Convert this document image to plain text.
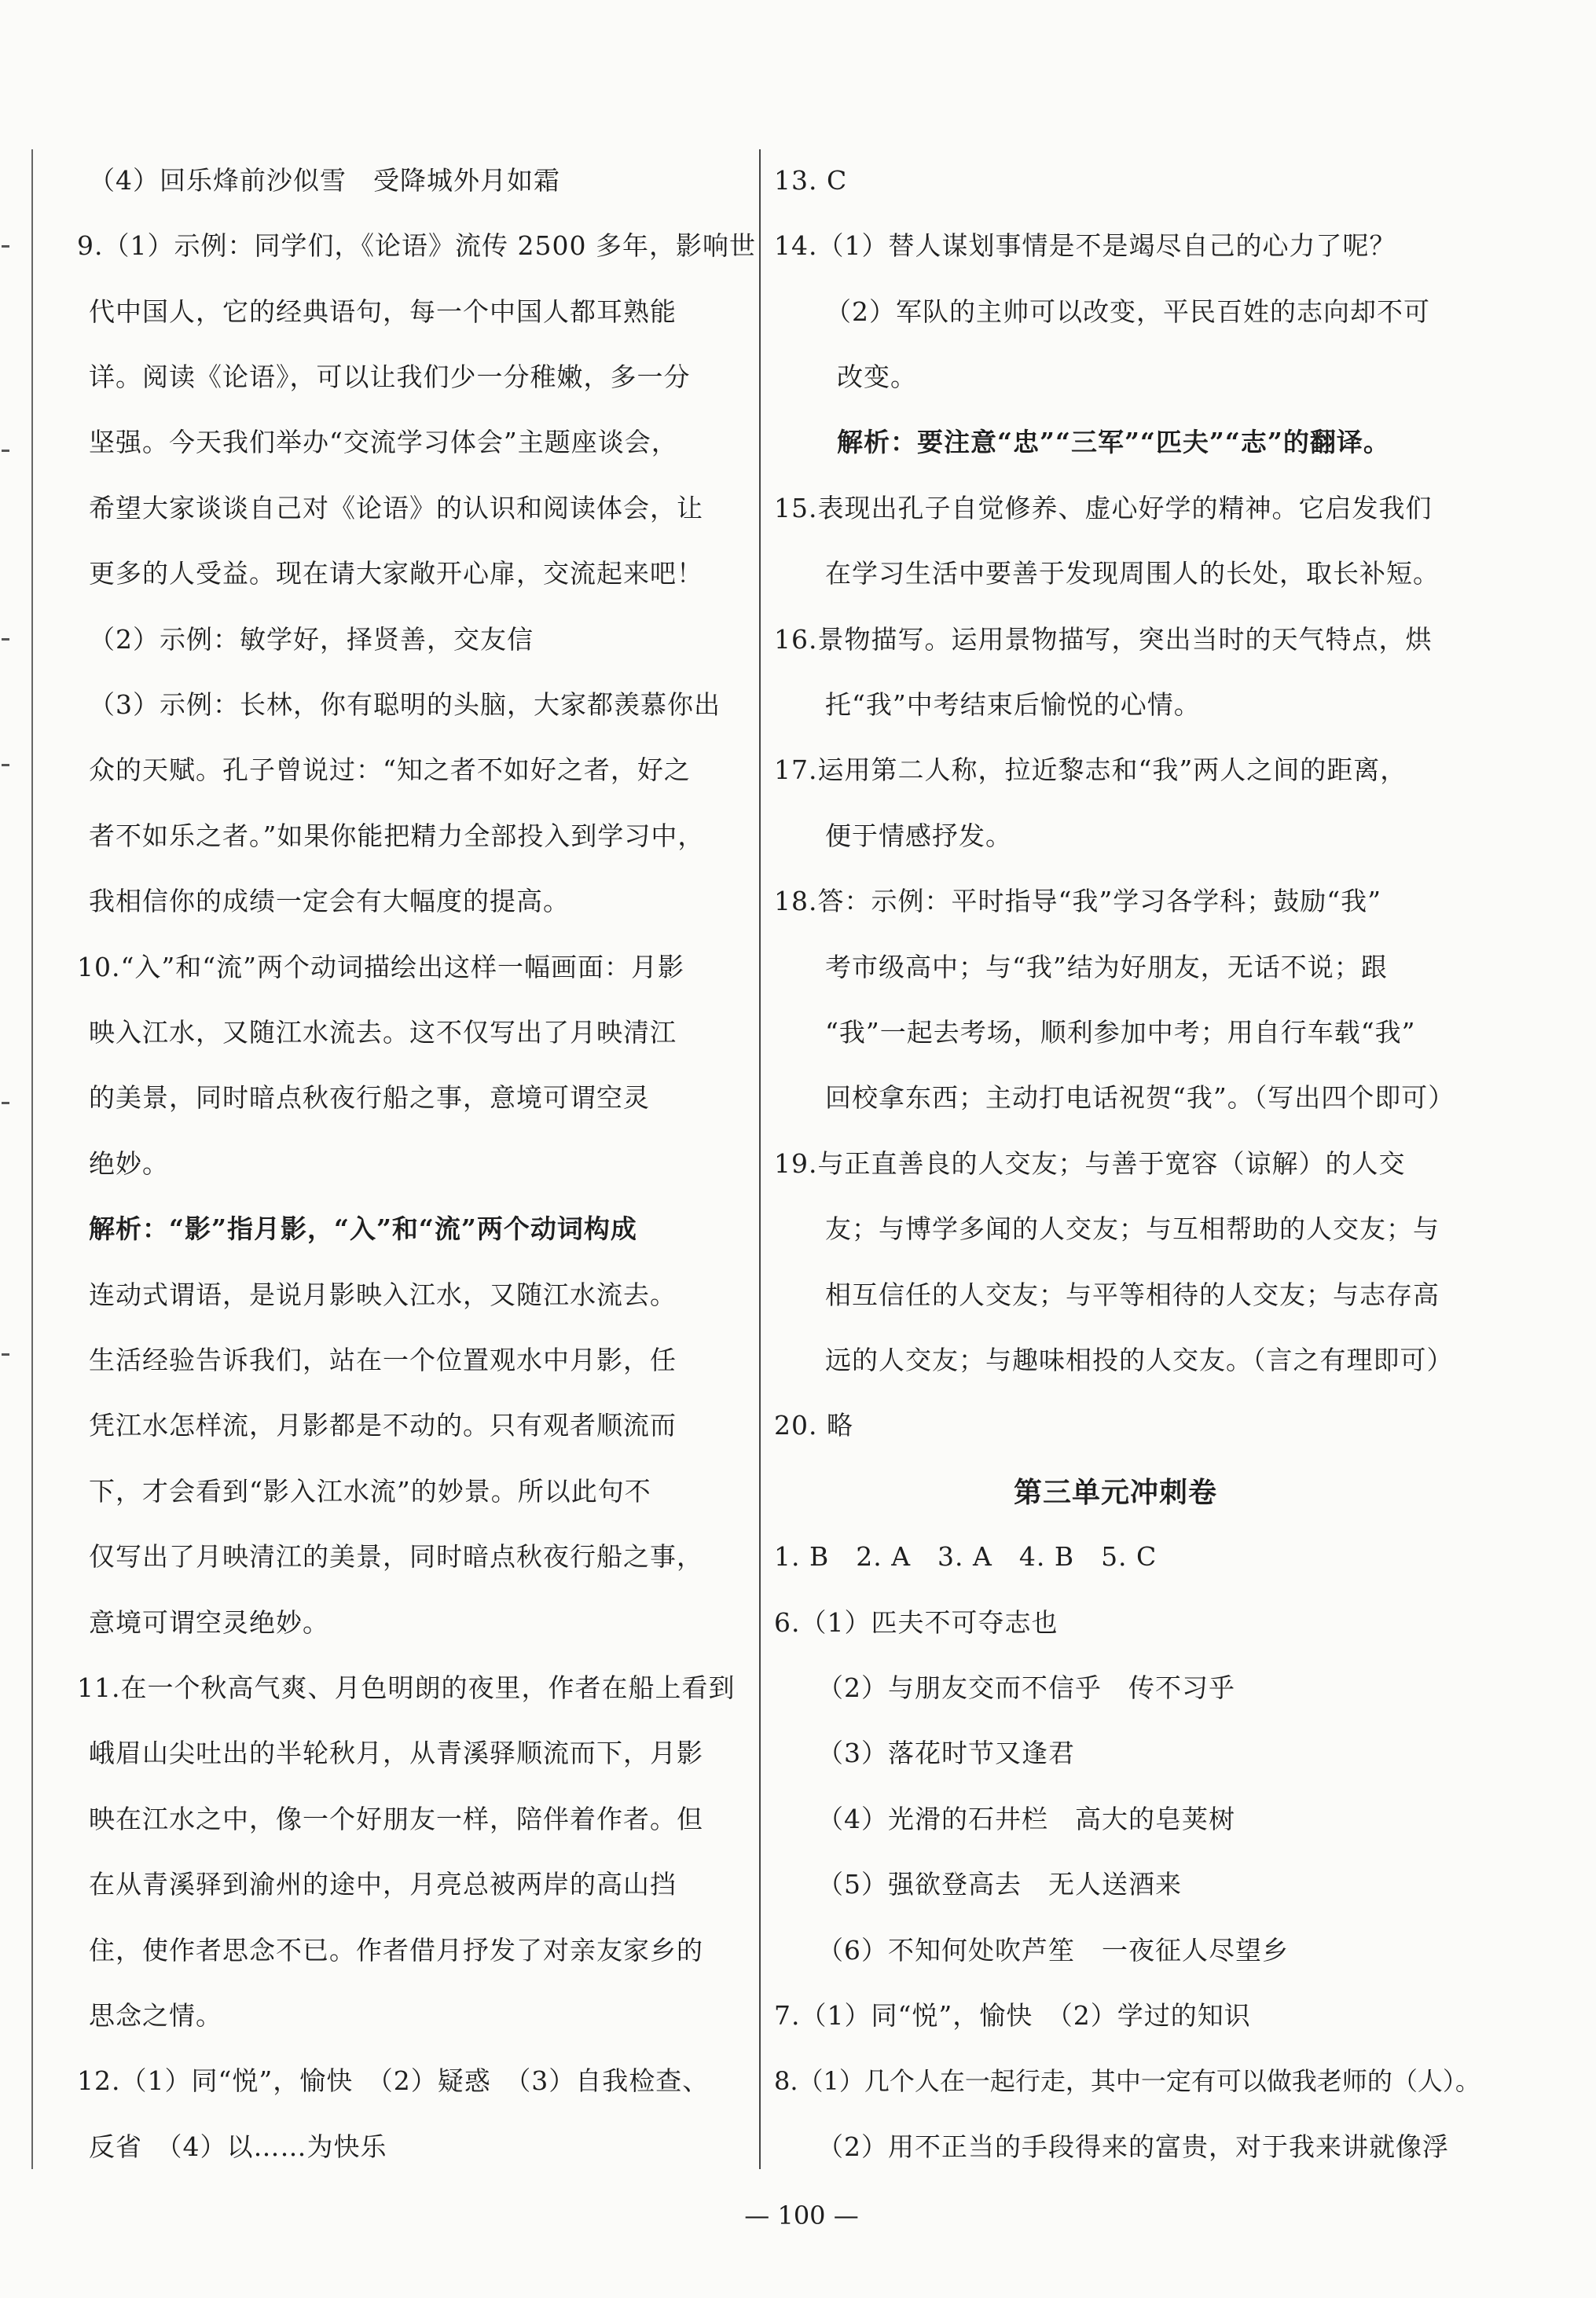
（4）回乐烽前沙似雪　受降城外月如霜
9.（1）示例：同学们，《论语》流传 2500 多年，影响世
代中国人，它的经典语句，每一个中国人都耳熟能
详。阅读《论语》，可以让我们少一分稚嫩，多一分
坚强。今天我们举办“交流学习体会”主题座谈会，
希望大家谈谈自己对《论语》的认识和阅读体会，让
更多的人受益。现在请大家敞开心扉，交流起来吧！
（2）示例：敏学好，择贤善，交友信
（3）示例：长林，你有聪明的头脑，大家都羡慕你出
众的天赋。孔子曾说过：“知之者不如好之者，好之
者不如乐之者。”如果你能把精力全部投入到学习中，
我相信你的成绩一定会有大幅度的提高。
10.“入”和“流”两个动词描绘出这样一幅画面：月影
映入江水，又随江水流去。这不仅写出了月映清江
的美景，同时暗点秋夜行船之事，意境可谓空灵
绝妙。
解析：“影”指月影，“入”和“流”两个动词构成
连动式谓语，是说月影映入江水，又随江水流去。
生活经验告诉我们，站在一个位置观水中月影，任
凭江水怎样流，月影都是不动的。只有观者顺流而
下，才会看到“影入江水流”的妙景。所以此句不
仅写出了月映清江的美景，同时暗点秋夜行船之事，
意境可谓空灵绝妙。
11.在一个秋高气爽、月色明朗的夜里，作者在船上看到
峨眉山尖吐出的半轮秋月，从青溪驿顺流而下，月影
映在江水之中，像一个好朋友一样，陪伴着作者。但
在从青溪驿到渝州的途中，月亮总被两岸的高山挡
住，使作者思念不已。作者借月抒发了对亲友家乡的
思念之情。
12.（1）同“悦”，愉快　（2）疑惑　（3）自我检查、
反省　（4）以……为快乐
13. C
14.（1）替人谋划事情是不是竭尽自己的心力了呢？
（2）军队的主帅可以改变，平民百姓的志向却不可
改变。
解析：要注意“忠”“三军”“匹夫”“志”的翻译。
15.表现出孔子自觉修养、虚心好学的精神。它启发我们
在学习生活中要善于发现周围人的长处，取长补短。
16.景物描写。运用景物描写，突出当时的天气特点，烘
托“我”中考结束后愉悦的心情。
17.运用第二人称，拉近黎志和“我”两人之间的距离，
便于情感抒发。
18.答：示例：平时指导“我”学习各学科；鼓励“我”
考市级高中；与“我”结为好朋友，无话不说；跟
“我”一起去考场，顺利参加中考；用自行车载“我”
回校拿东西；主动打电话祝贺“我”。（写出四个即可）
19.与正直善良的人交友；与善于宽容（谅解）的人交
友；与博学多闻的人交友；与互相帮助的人交友；与
相互信任的人交友；与平等相待的人交友；与志存高
远的人交友；与趣味相投的人交友。（言之有理即可）
20. 略
第三单元冲刺卷
1. B　2. A　3. A　4. B　5. C
6.（1）匹夫不可夺志也
（2）与朋友交而不信乎　传不习乎
（3）落花时节又逢君
（4）光滑的石井栏　高大的皂荚树
（5）强欲登高去　无人送酒来
（6）不知何处吹芦笙　一夜征人尽望乡
7.（1）同“悦”，愉快　（2）学过的知识
8.（1）几个人在一起行走，其中一定有可以做我老师的（人）。
（2）用不正当的手段得来的富贵，对于我来讲就像浮
— 100 —
